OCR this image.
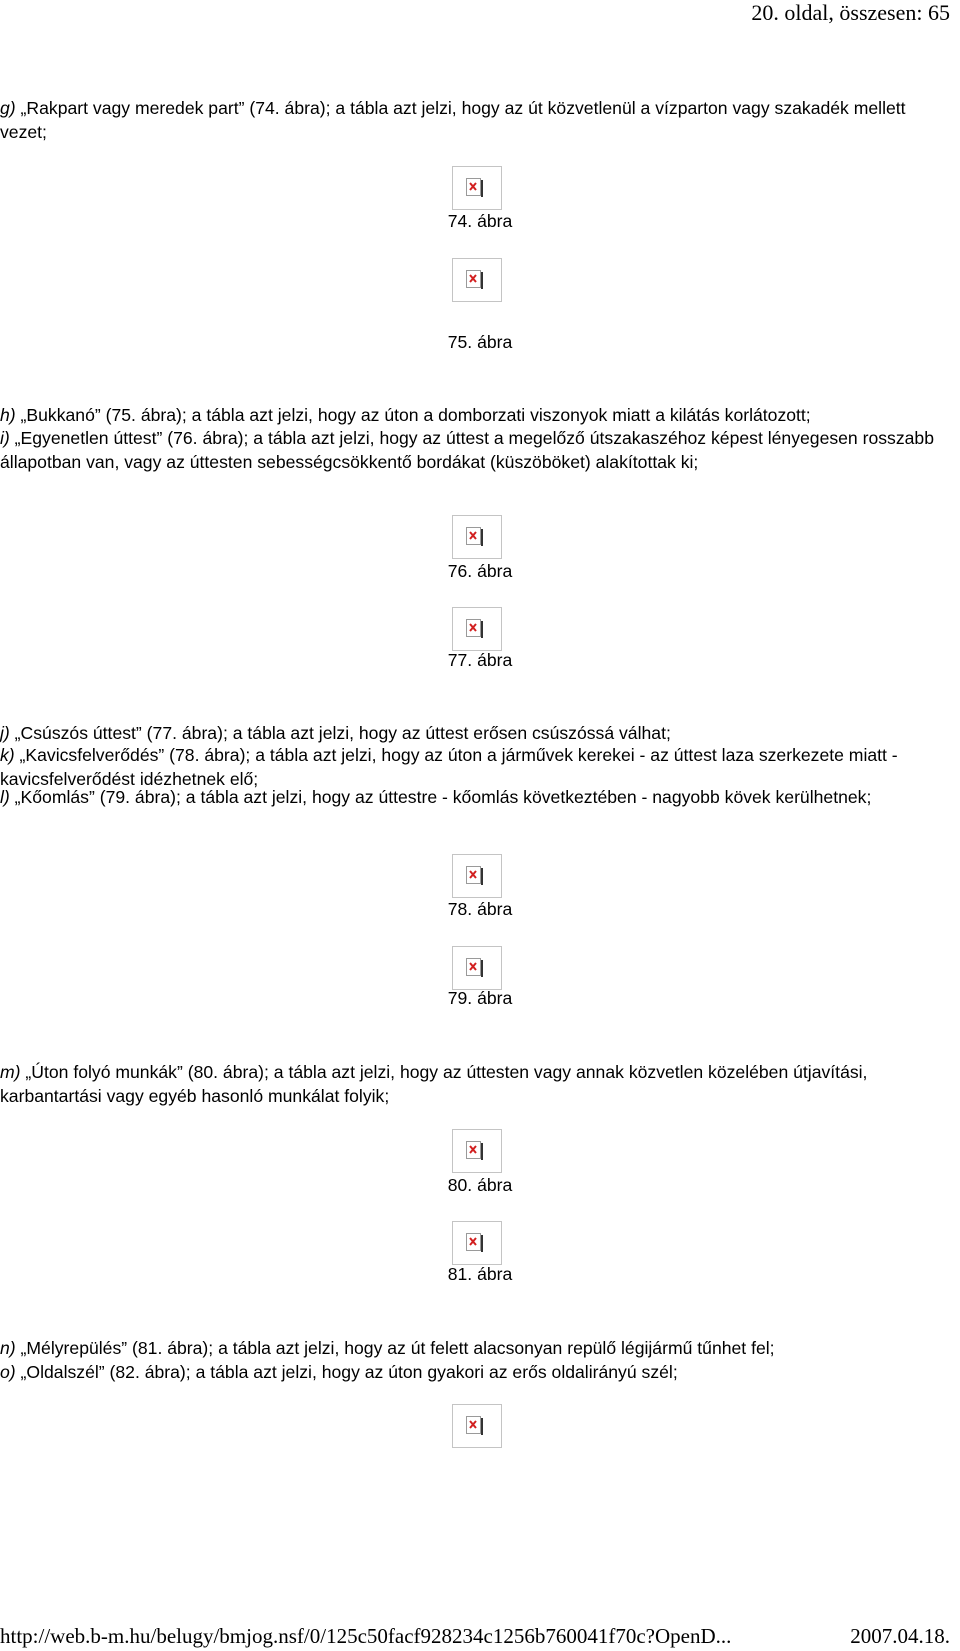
20. oldal, összesen: 65
g) „Rakpart vagy meredek part” (74. ábra); a tábla azt jelzi, hogy az út közvetlenül a vízparton vagy szakadék mellett vezet;
74. ábra
75. ábra
h) „Bukkanó” (75. ábra); a tábla azt jelzi, hogy az úton a domborzati viszonyok miatt a kilátás korlátozott;
i) „Egyenetlen úttest” (76. ábra); a tábla azt jelzi, hogy az úttest a megelőző útszakaszéhoz képest lényegesen rosszabb állapotban van, vagy az úttesten sebességcsökkentő bordákat (küszöböket) alakítottak ki;
76. ábra
77. ábra
j) „Csúszós úttest” (77. ábra); a tábla azt jelzi, hogy az úttest erősen csúszóssá válhat;
k) „Kavicsfelverődés” (78. ábra); a tábla azt jelzi, hogy az úton a járművek kerekei - az úttest laza szerkezete miatt - kavicsfelverődést idézhetnek elő;
l) „Kőomlás” (79. ábra); a tábla azt jelzi, hogy az úttestre - kőomlás következtében - nagyobb kövek kerülhetnek;
78. ábra
79. ábra
m) „Úton folyó munkák” (80. ábra); a tábla azt jelzi, hogy az úttesten vagy annak közvetlen közelében útjavítási, karbantartási vagy egyéb hasonló munkálat folyik;
80. ábra
81. ábra
n) „Mélyrepülés” (81. ábra); a tábla azt jelzi, hogy az út felett alacsonyan repülő légijármű tűnhet fel;
o) „Oldalszél” (82. ábra); a tábla azt jelzi, hogy az úton gyakori az erős oldalirányú szél;
http://web.b-m.hu/belugy/bmjog.nsf/0/125c50facf928234c1256b760041f70c?OpenD...	2007.04.18.
